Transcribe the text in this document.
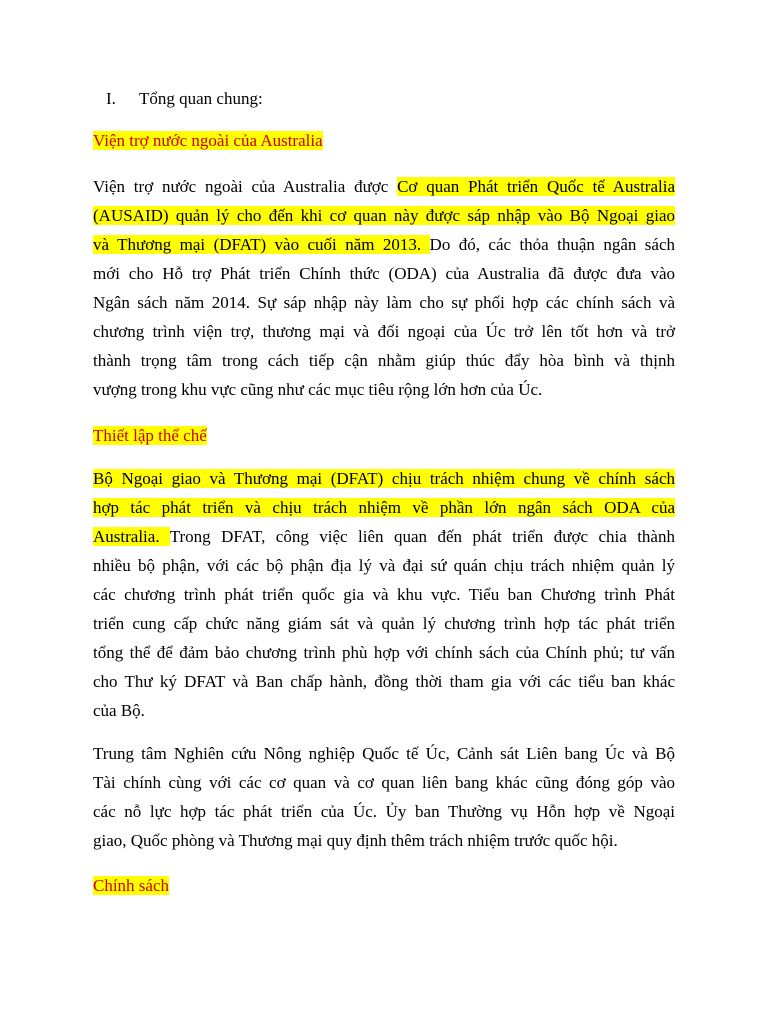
I. Tổng quan chung:
Viện trợ nước ngoài của Australia
Viện trợ nước ngoài của Australia được Cơ quan Phát triển Quốc tế Australia
(AUSAID) quản lý cho đến khi cơ quan này được sáp nhập vào Bộ Ngoại giao
và Thương mại (DFAT) vào cuối năm 2013. Do đó, các thỏa thuận ngân sách
mới cho Hỗ trợ Phát triển Chính thức (ODA) của Australia đã được đưa vào
Ngân sách năm 2014. Sự sáp nhập này làm cho sự phối hợp các chính sách và
chương trình viện trợ, thương mại và đối ngoại của Úc trở lên tốt hơn và trở
thành trọng tâm trong cách tiếp cận nhằm giúp thúc đẩy hòa bình và thịnh
vượng trong khu vực cũng như các mục tiêu rộng lớn hơn của Úc.
Thiết lập thể chế
Bộ Ngoại giao và Thương mại (DFAT) chịu trách nhiệm chung về chính sách
hợp tác phát triển và chịu trách nhiệm về phần lớn ngân sách ODA của
Australia. Trong DFAT, công việc liên quan đến phát triển được chia thành
nhiều bộ phận, với các bộ phận địa lý và đại sứ quán chịu trách nhiệm quản lý
các chương trình phát triển quốc gia và khu vực. Tiểu ban Chương trình Phát
triển cung cấp chức năng giám sát và quản lý chương trình hợp tác phát triển
tổng thể để đảm bảo chương trình phù hợp với chính sách của Chính phủ; tư vấn
cho Thư ký DFAT và Ban chấp hành, đồng thời tham gia với các tiểu ban khác
của Bộ.
Trung tâm Nghiên cứu Nông nghiệp Quốc tế Úc, Cảnh sát Liên bang Úc và Bộ
Tài chính cùng với các cơ quan và cơ quan liên bang khác cũng đóng góp vào
các nỗ lực hợp tác phát triển của Úc. Ủy ban Thường vụ Hỗn hợp về Ngoại
giao, Quốc phòng và Thương mại quy định thêm trách nhiệm trước quốc hội.
Chính sách
